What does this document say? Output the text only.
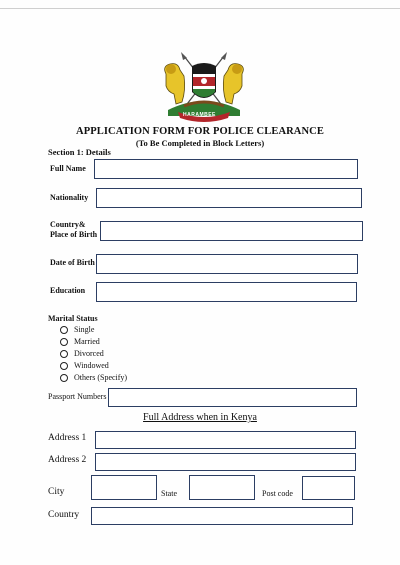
HARAMBEE
APPLICATION FORM FOR POLICE CLEARANCE
(To Be Completed in Block Letters)
Section 1: Details
Full Name
Nationality
Country&
Place of Birth
Date of Birth
Education
Marital Status
Single
Married
Divorced
Windowed
Others (Specify)
Passport Numbers
Full Address when in Kenya
Address 1
Address 2
City	State	Post code
Country
